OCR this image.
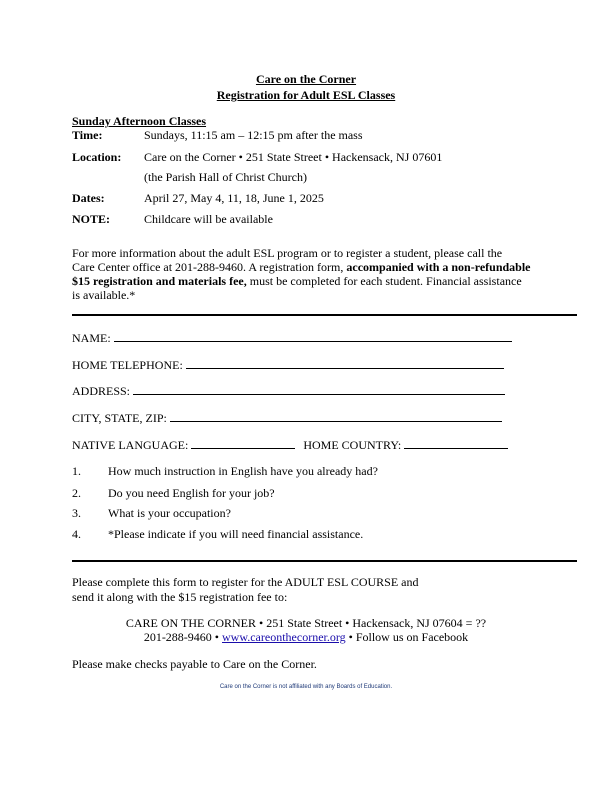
Care on the Corner
Registration for Adult ESL Classes
Sunday Afternoon Classes
Time:	Sundays, 11:15 am – 12:15 pm after the mass
Location: Care on the Corner • 251 State Street • Hackensack, NJ 07601
(the Parish Hall of Christ Church)
Dates:	April 27, May 4, 11, 18, June 1, 2025
NOTE:	Childcare will be available
For more information about the adult ESL program or to register a student, please call the
Care Center office at 201-288-9460. A registration form, accompanied with a non-refundable
$15 registration and materials fee, must be completed for each student. Financial assistance
is available.*
NAME:
HOME TELEPHONE:
ADDRESS:
CITY, STATE, ZIP:
NATIVE LANGUAGE:	HOME COUNTRY:
1. How much instruction in English have you already had?
2. Do you need English for your job?
3. What is your occupation?
4. *Please indicate if you will need financial assistance.
Please complete this form to register for the ADULT ESL COURSE and
send it along with the $15 registration fee to:
CARE ON THE CORNER • 251 State Street • Hackensack, NJ 07604 = ??
201-288-9460 • www.careonthecorner.org • Follow us on Facebook
Please make checks payable to Care on the Corner.
Care on the Corner is not affiliated with any Boards of Education.
